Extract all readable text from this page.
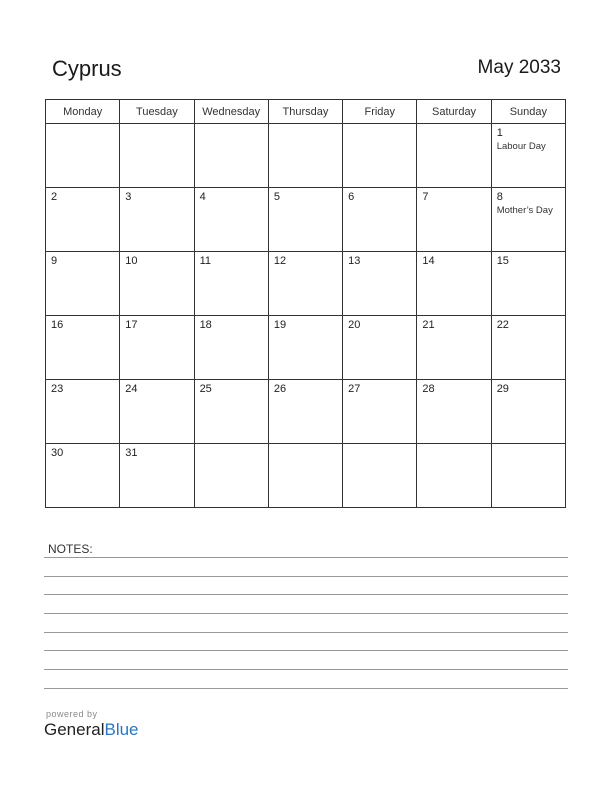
Cyprus	May 2033
Monday	Tuesday	Wednesday	Thursday	Friday	Saturday	Sunday

						1
Labour Day

2	3	4	5	6	7	8
Mother’s Day

9	10	11	12	13	14	15

16	17	18	19	20	21	22

23	24	25	26	27	28	29

30	31					

NOTES:
powered by
GeneralBlue
